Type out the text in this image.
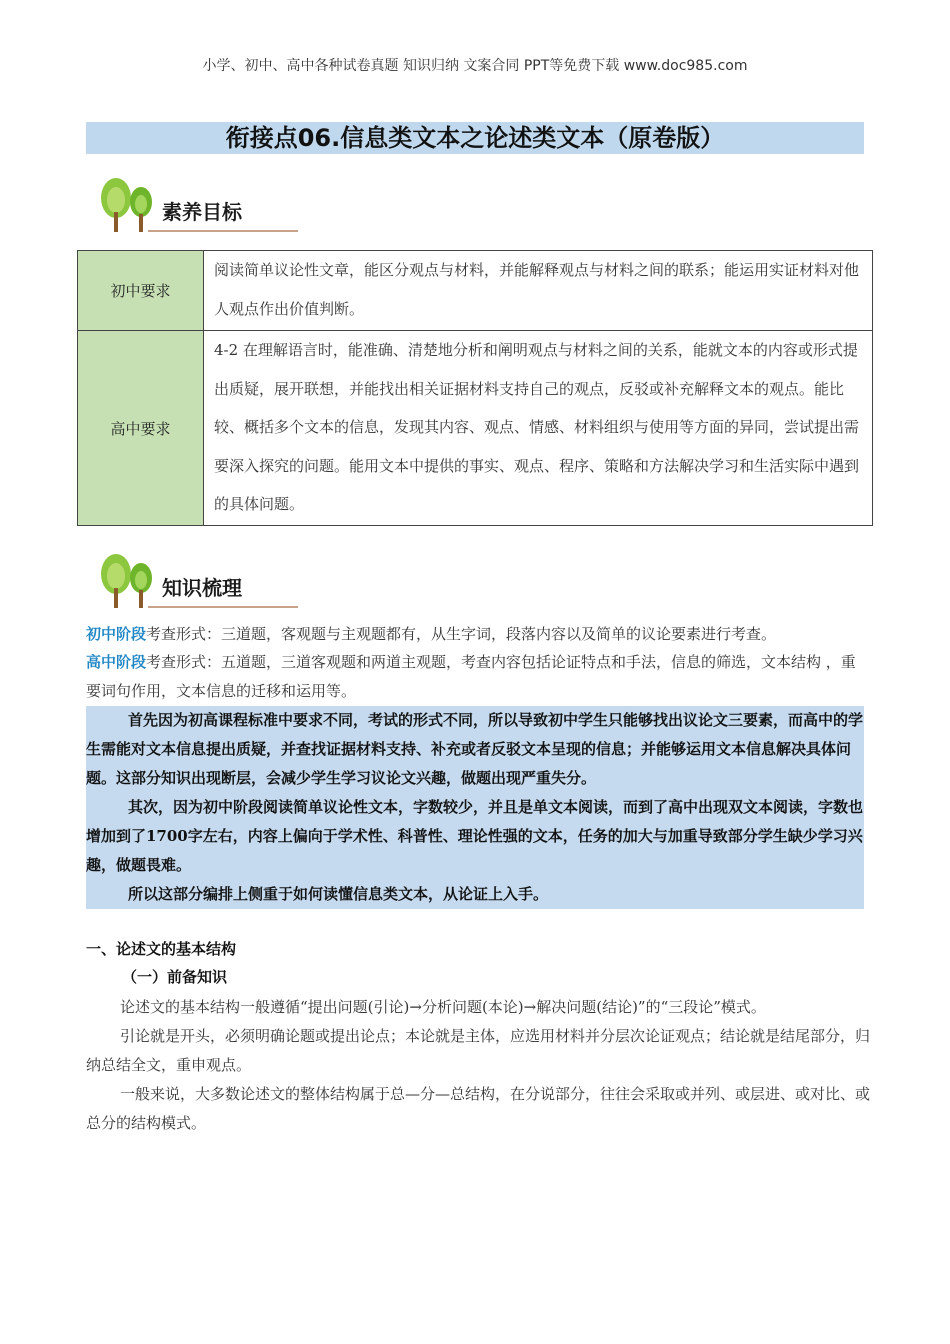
小学、初中、高中各种试卷真题 知识归纳 文案合同 PPT等免费下载 www.doc985.com
衔接点06.信息类文本之论述类文本（原卷版）
素养目标
初中要求	阅读简单议论性文章，能区分观点与材料，并能解释观点与材料之间的联系；能运用实证材料对他人观点作出价值判断。
高中要求	4-2 在理解语言时，能准确、清楚地分析和阐明观点与材料之间的关系，能就文本的内容或形式提出质疑，展开联想，并能找出相关证据材料支持自己的观点，反驳或补充解释文本的观点。能比较、概括多个文本的信息，发现其内容、观点、情感、材料组织与使用等方面的异同，尝试提出需要深入探究的问题。能用文本中提供的事实、观点、程序、策略和方法解决学习和生活实际中遇到的具体问题。
知识梳理
初中阶段考查形式：三道题，客观题与主观题都有，从生字词，段落内容以及简单的议论要素进行考查。
高中阶段考查形式：五道题，三道客观题和两道主观题，考查内容包括论证特点和手法，信息的筛选，文本结构 ，重要词句作用，文本信息的迁移和运用等。

首先因为初高课程标准中要求不同，考试的形式不同，所以导致初中学生只能够找出议论文三要素，而高中的学生需能对文本信息提出质疑，并查找证据材料支持、补充或者反驳文本呈现的信息；并能够运用文本信息解决具体问题。这部分知识出现断层，会减少学生学习议论文兴趣，做题出现严重失分。

其次，因为初中阶段阅读简单议论性文本，字数较少，并且是单文本阅读，而到了高中出现双文本阅读，字数也增加到了1700字左右，内容上偏向于学术性、科普性、理论性强的文本，任务的加大与加重导致部分学生缺少学习兴趣，做题畏难。

所以这部分编排上侧重于如何读懂信息类文本，从论证上入手。

一、论述文的基本结构
（一）前备知识

论述文的基本结构一般遵循“提出问题(引论)→分析问题(本论)→解决问题(结论)”的“三段论”模式。

引论就是开头，必须明确论题或提出论点；本论就是主体，应选用材料并分层次论证观点；结论就是结尾部分，归纳总结全文，重申观点。

一般来说，大多数论述文的整体结构属于总—分—总结构，在分说部分，往往会采取或并列、或层进、或对比、或总分的结构模式。
